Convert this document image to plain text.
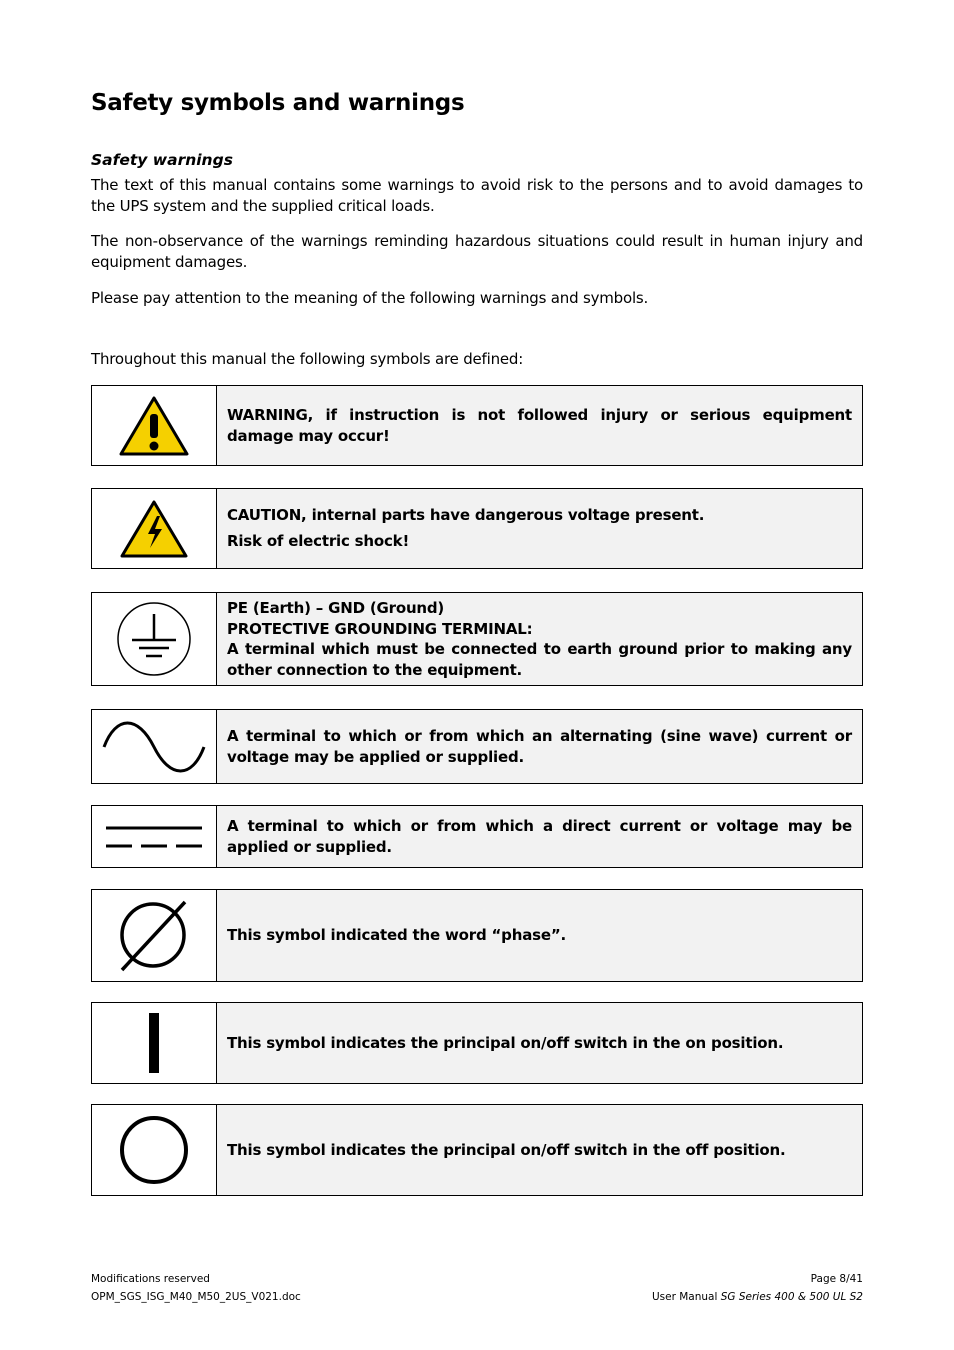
Safety symbols and warnings
Safety warnings

The text of this manual contains some warnings to avoid risk to the persons and to avoid damages to the UPS system and the supplied critical loads.

The non-observance of the warnings reminding hazardous situations could result in human injury and equipment damages.

Please pay attention to the meaning of the following warnings and symbols.

Throughout this manual the following symbols are defined:

WARNING, if instruction is not followed injury or serious equipment damage may occur!

CAUTION, internal parts have dangerous voltage present.

Risk of electric shock!

PE (Earth) – GND (Ground)

PROTECTIVE GROUNDING TERMINAL:

A terminal which must be connected to earth ground prior to making any other connection to the equipment.

A terminal to which or from which an alternating (sine wave) current or voltage may be applied or supplied.

A terminal to which or from which a direct current or voltage may be applied or supplied.

This symbol indicated the word “phase”.

This symbol indicates the principal on/off switch in the on position.

This symbol indicates the principal on/off switch in the off position.

Modifications reserved
OPM_SGS_ISG_M40_M50_2US_V021.doc
Page 8/41
User Manual SG Series 400 & 500 UL S2
